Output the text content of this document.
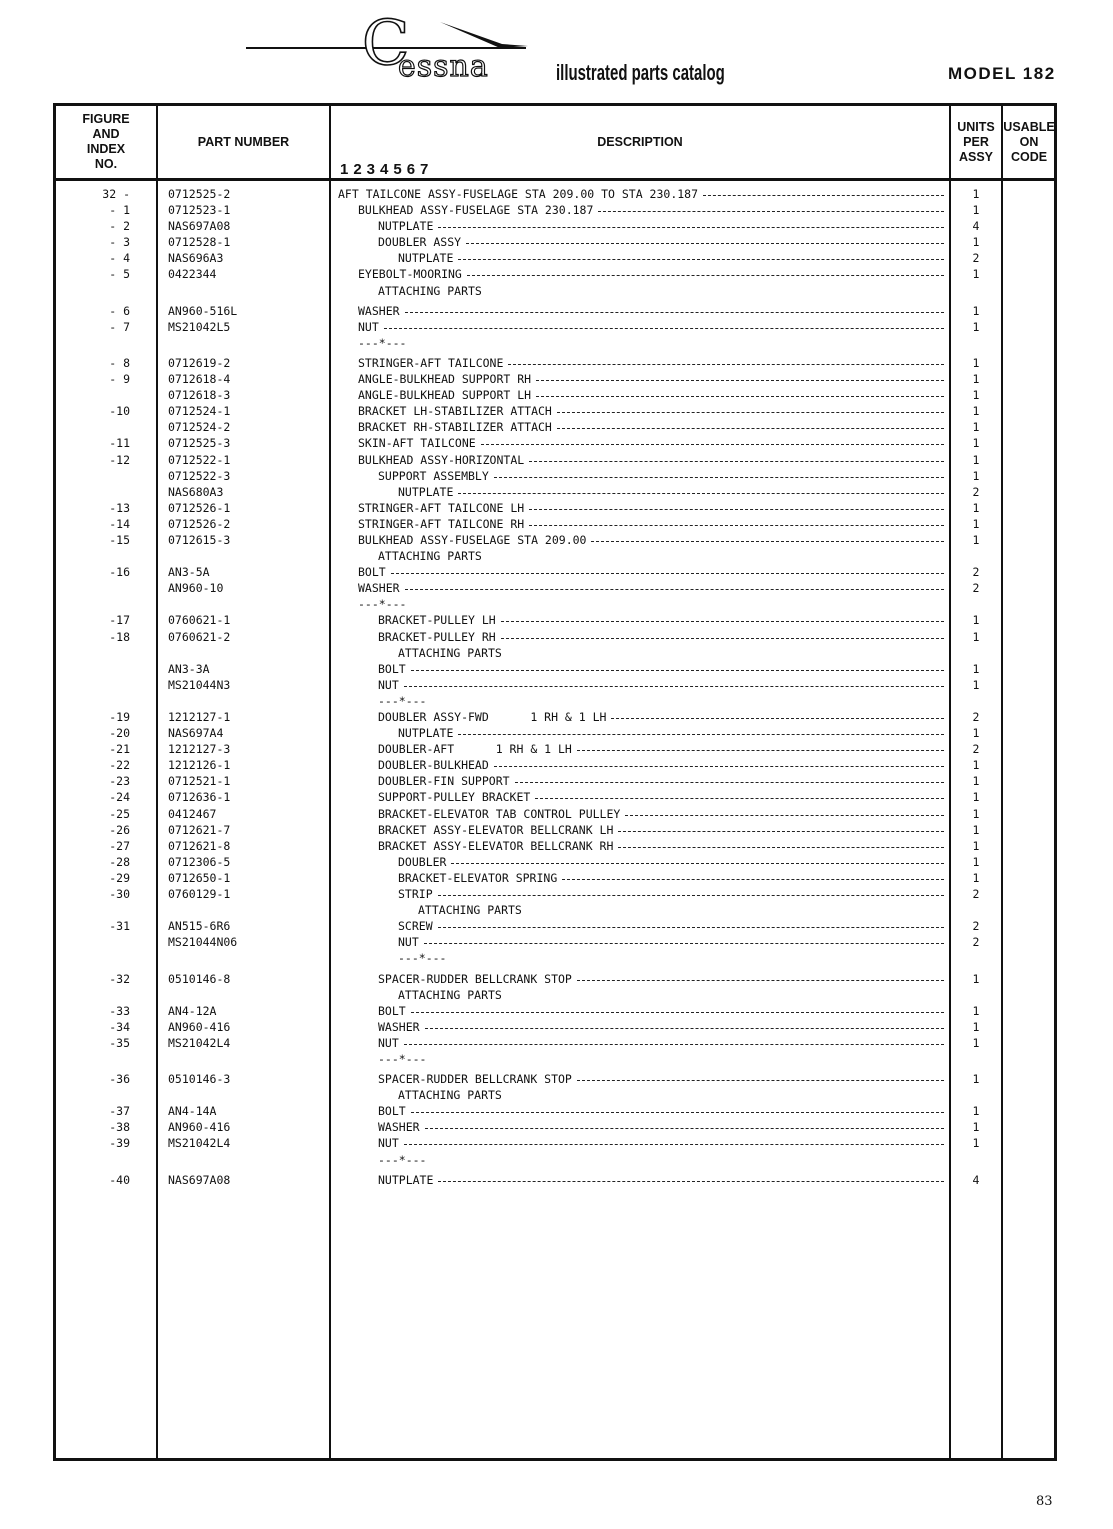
C
essna	illustrated parts catalog	MODEL 182
FIGURE
AND
INDEX
NO.
PART NUMBER	DESCRIPTION
1234567
UNITS
PER
ASSY
USABLE
ON
CODE
32 -	0712525-2	AFT TAILCONE ASSY-FUSELAGE STA 209.00 TO STA 230.187	1
- 1	0712523-1	BULKHEAD ASSY-FUSELAGE STA 230.187	1
- 2	NAS697A08	NUTPLATE	4
- 3	0712528-1	DOUBLER ASSY	1
- 4	NAS696A3	NUTPLATE	2
- 5	0422344	EYEBOLT-MOORING	1
ATTACHING PARTS
- 6	AN960-516L	WASHER	1
- 7	MS21042L5	NUT	1
---*---
- 8	0712619-2	STRINGER-AFT TAILCONE	1
- 9	0712618-4	ANGLE-BULKHEAD SUPPORT RH	1
0712618-3	ANGLE-BULKHEAD SUPPORT LH	1
-10	0712524-1	BRACKET LH-STABILIZER ATTACH	1
0712524-2	BRACKET RH-STABILIZER ATTACH	1
-11	0712525-3	SKIN-AFT TAILCONE	1
-12	0712522-1	BULKHEAD ASSY-HORIZONTAL	1
0712522-3	SUPPORT ASSEMBLY	1
NAS680A3	NUTPLATE	2
-13	0712526-1	STRINGER-AFT TAILCONE LH	1
-14	0712526-2	STRINGER-AFT TAILCONE RH	1
-15	0712615-3	BULKHEAD ASSY-FUSELAGE STA 209.00	1
ATTACHING PARTS
-16	AN3-5A	BOLT	2
AN960-10	WASHER	2
---*---
-17	0760621-1	BRACKET-PULLEY LH	1
-18	0760621-2	BRACKET-PULLEY RH	1
ATTACHING PARTS
AN3-3A	BOLT	1
MS21044N3	NUT	1
---*---
-19	1212127-1	DOUBLER ASSY-FWD      1 RH & 1 LH	2
-20	NAS697A4	NUTPLATE	1
-21	1212127-3	DOUBLER-AFT      1 RH & 1 LH	2
-22	1212126-1	DOUBLER-BULKHEAD	1
-23	0712521-1	DOUBLER-FIN SUPPORT	1
-24	0712636-1	SUPPORT-PULLEY BRACKET	1
-25	0412467	BRACKET-ELEVATOR TAB CONTROL PULLEY	1
-26	0712621-7	BRACKET ASSY-ELEVATOR BELLCRANK LH	1
-27	0712621-8	BRACKET ASSY-ELEVATOR BELLCRANK RH	1
-28	0712306-5	DOUBLER	1
-29	0712650-1	BRACKET-ELEVATOR SPRING	1
-30	0760129-1	STRIP	2
ATTACHING PARTS
-31	AN515-6R6	SCREW	2
MS21044N06	NUT	2
---*---
-32	0510146-8	SPACER-RUDDER BELLCRANK STOP	1
ATTACHING PARTS
-33	AN4-12A	BOLT	1
-34	AN960-416	WASHER	1
-35	MS21042L4	NUT	1
---*---
-36	0510146-3	SPACER-RUDDER BELLCRANK STOP	1
ATTACHING PARTS
-37	AN4-14A	BOLT	1
-38	AN960-416	WASHER	1
-39	MS21042L4	NUT	1
---*---
-40	NAS697A08	NUTPLATE	4
83
